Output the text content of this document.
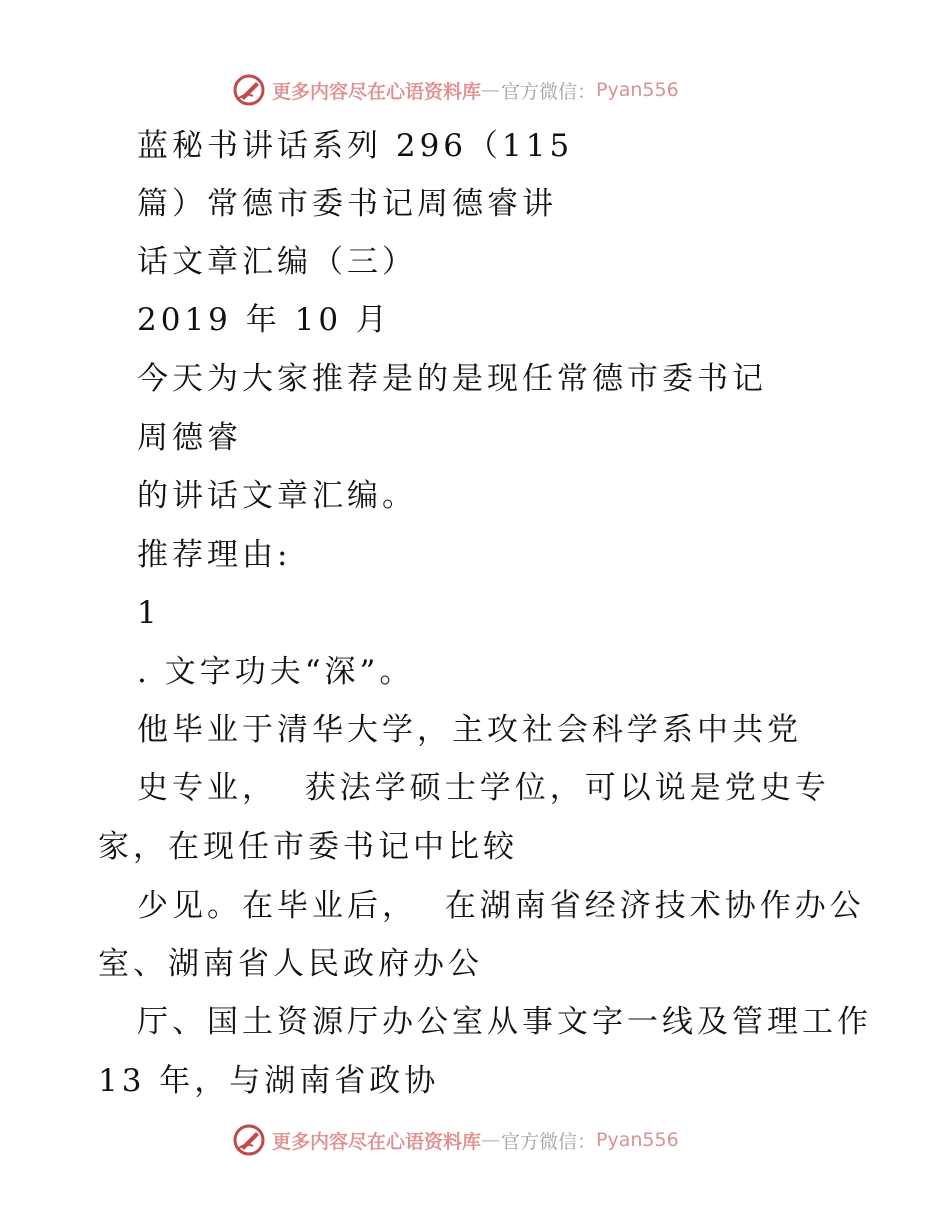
更多内容尽在心语资料库 — 官方微信： Pyan556
蓝秘书讲话系列 296（115
篇）常德市委书记周德睿讲
话文章汇编（三）
2019 年 10 月
今天为大家推荐是的是现任常德市委书记
周德睿
的讲话文章汇编。
推荐理由:
1
. 文字功夫“深”。
他毕业于清华大学，主攻社会科学系中共党
史专业，  获法学硕士学位，可以说是党史专
家，在现任市委书记中比较
少见。在毕业后，  在湖南省经济技术协作办公
室、湖南省人民政府办公
厅、国土资源厅办公室从事文字一线及管理工作
13 年，与湖南省政协
更多内容尽在心语资料库 — 官方微信： Pyan556
